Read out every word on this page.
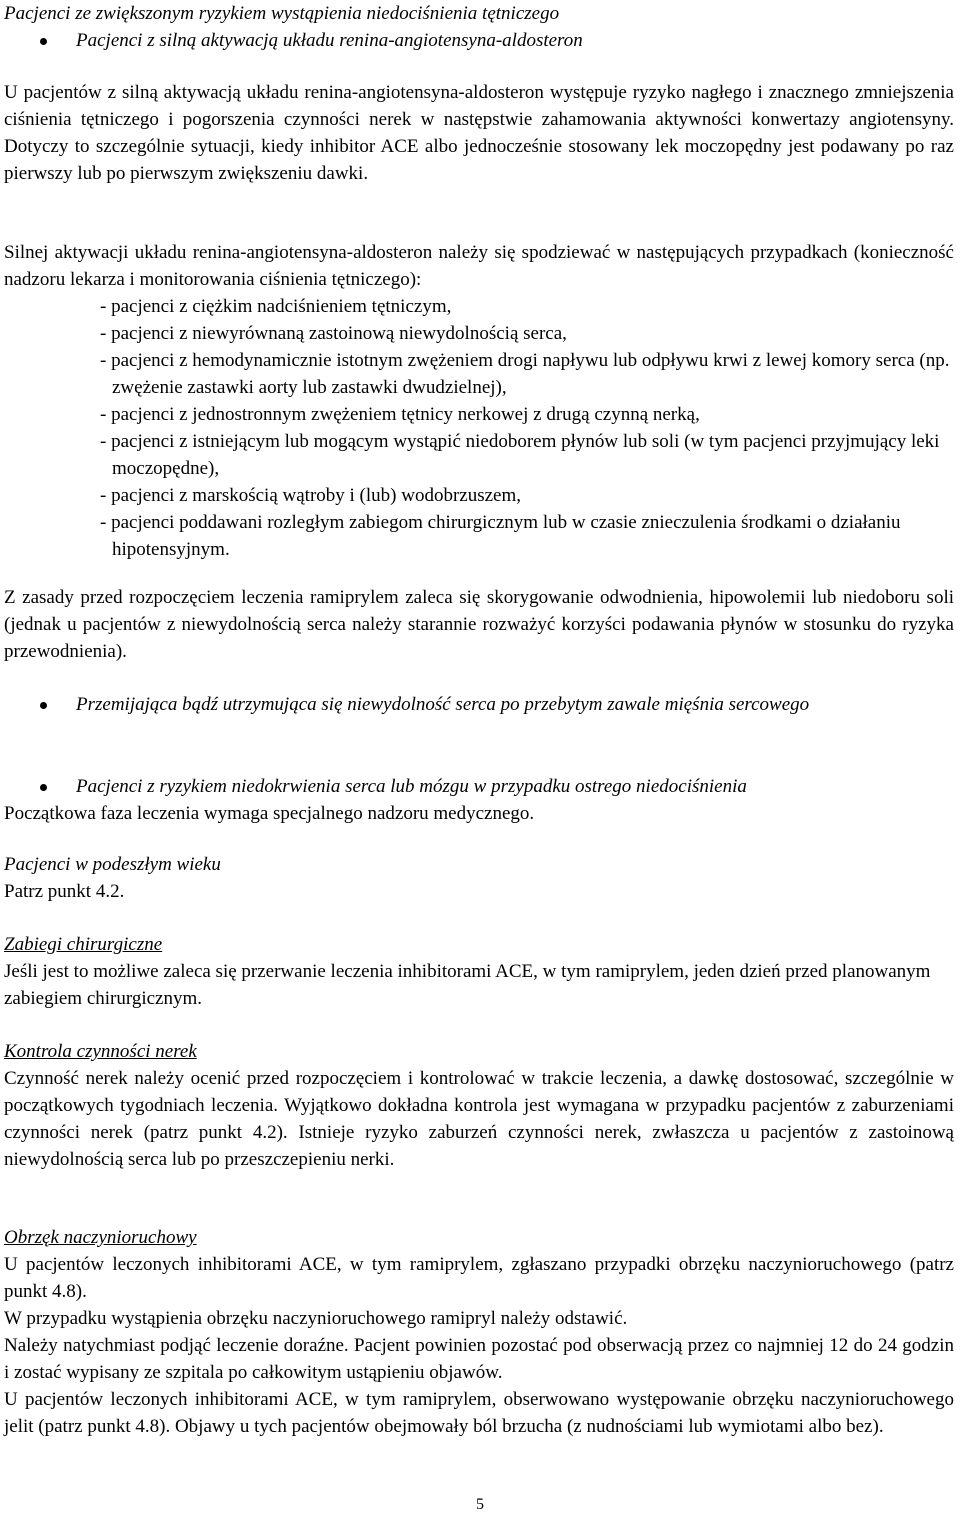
Pacjenci ze zwiększonym ryzykiem wystąpienia niedociśnienia tętniczego

Pacjenci z silną aktywacją układu renina-angiotensyna-aldosteron

U pacjentów z silną aktywacją układu renina-angiotensyna-aldosteron występuje ryzyko nagłego i znacznego zmniejszenia ciśnienia tętniczego i pogorszenia czynności nerek w następstwie zahamowania aktywności konwertazy angiotensyny. Dotyczy to szczególnie sytuacji, kiedy inhibitor ACE albo jednocześnie stosowany lek moczopędny jest podawany po raz pierwszy lub po pierwszym zwiększeniu dawki.

Silnej aktywacji układu renina-angiotensyna-aldosteron należy się spodziewać w następujących przypadkach (konieczność nadzoru lekarza i monitorowania ciśnienia tętniczego):

- pacjenci z ciężkim nadciśnieniem tętniczym,
- pacjenci z niewyrównaną zastoinową niewydolnością serca,
- pacjenci z hemodynamicznie istotnym zwężeniem drogi napływu lub odpływu krwi z lewej komory serca (np. zwężenie zastawki aorty lub zastawki dwudzielnej),
- pacjenci z jednostronnym zwężeniem tętnicy nerkowej z drugą czynną nerką,
- pacjenci z istniejącym lub mogącym wystąpić niedoborem płynów lub soli (w tym pacjenci przyjmujący leki moczopędne),
- pacjenci z marskością wątroby i (lub) wodobrzuszem,
- pacjenci poddawani rozległym zabiegom chirurgicznym lub w czasie znieczulenia środkami o działaniu hipotensyjnym.

Z zasady przed rozpoczęciem leczenia ramiprylem zaleca się skorygowanie odwodnienia, hipowolemii lub niedoboru soli (jednak u pacjentów z niewydolnością serca należy starannie rozważyć korzyści podawania płynów w stosunku do ryzyka przewodnienia).

Przemijająca bądź utrzymująca się niewydolność serca po przebytym zawale mięśnia sercowego

Pacjenci z ryzykiem niedokrwienia serca lub mózgu w przypadku ostrego niedociśnienia

Początkowa faza leczenia wymaga specjalnego nadzoru medycznego.

Pacjenci w podeszłym wieku

Patrz punkt 4.2.

Zabiegi chirurgiczne

Jeśli jest to możliwe zaleca się przerwanie leczenia inhibitorami ACE, w tym ramiprylem, jeden dzień przed planowanym zabiegiem chirurgicznym.

Kontrola czynności nerek

Czynność nerek należy ocenić przed rozpoczęciem i kontrolować w trakcie leczenia, a dawkę dostosować, szczególnie w początkowych tygodniach leczenia. Wyjątkowo dokładna kontrola jest wymagana w przypadku pacjentów z zaburzeniami czynności nerek (patrz punkt 4.2). Istnieje ryzyko zaburzeń czynności nerek, zwłaszcza u pacjentów z zastoinową niewydolnością serca lub po przeszczepieniu nerki.

Obrzęk naczynioruchowy

U pacjentów leczonych inhibitorami ACE, w tym ramiprylem, zgłaszano przypadki obrzęku naczynioruchowego (patrz punkt 4.8).

W przypadku wystąpienia obrzęku naczynioruchowego ramipryl należy odstawić.

Należy natychmiast podjąć leczenie doraźne. Pacjent powinien pozostać pod obserwacją przez co najmniej 12 do 24 godzin i zostać wypisany ze szpitala po całkowitym ustąpieniu objawów.

U pacjentów leczonych inhibitorami ACE, w tym ramiprylem, obserwowano występowanie obrzęku naczynioruchowego jelit (patrz punkt 4.8). Objawy u tych pacjentów obejmowały ból brzucha (z nudnościami lub wymiotami albo bez).

5
